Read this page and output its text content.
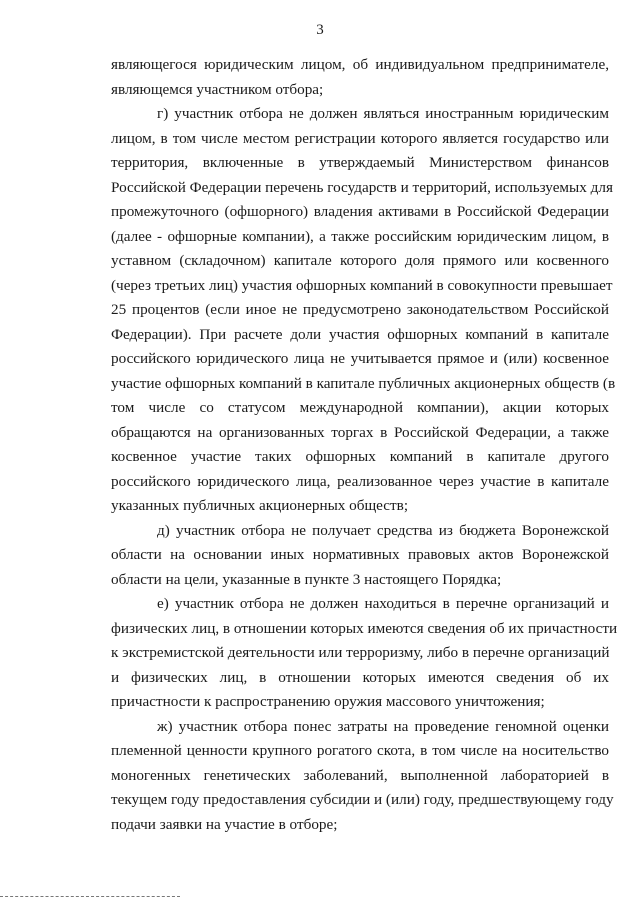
3
являющегося юридическим лицом, об индивидуальном предпринимателе,
являющемся участником отбора;
г) участник отбора не должен являться иностранным юридическим
лицом, в том числе местом регистрации которого является государство или
территория, включенные в утверждаемый Министерством финансов
Российской Федерации перечень государств и территорий, используемых для
промежуточного (офшорного) владения активами в Российской Федерации
(далее - офшорные компании), а также российским юридическим лицом, в
уставном (складочном) капитале которого доля прямого или косвенного
(через третьих лиц) участия офшорных компаний в совокупности превышает
25 процентов (если иное не предусмотрено законодательством Российской
Федерации). При расчете доли участия офшорных компаний в капитале
российского юридического лица не учитывается прямое и (или) косвенное
участие офшорных компаний в капитале публичных акционерных обществ (в
том числе со статусом международной компании), акции которых
обращаются на организованных торгах в Российской Федерации, а также
косвенное участие таких офшорных компаний в капитале другого
российского юридического лица, реализованное через участие в капитале
указанных публичных акционерных обществ;
д) участник отбора не получает средства из бюджета Воронежской
области на основании иных нормативных правовых актов Воронежской
области на цели, указанные в пункте 3 настоящего Порядка;
е) участник отбора не должен находиться в перечне организаций и
физических лиц, в отношении которых имеются сведения об их причастности
к экстремистской деятельности или терроризму, либо в перечне организаций
и физических лиц, в отношении которых имеются сведения об их
причастности к распространению оружия массового уничтожения;
ж) участник отбора понес затраты на проведение геномной оценки
племенной ценности крупного рогатого скота, в том числе на носительство
моногенных генетических заболеваний, выполненной лабораторией в
текущем году предоставления субсидии и (или) году, предшествующему году
подачи заявки на участие в отборе;
